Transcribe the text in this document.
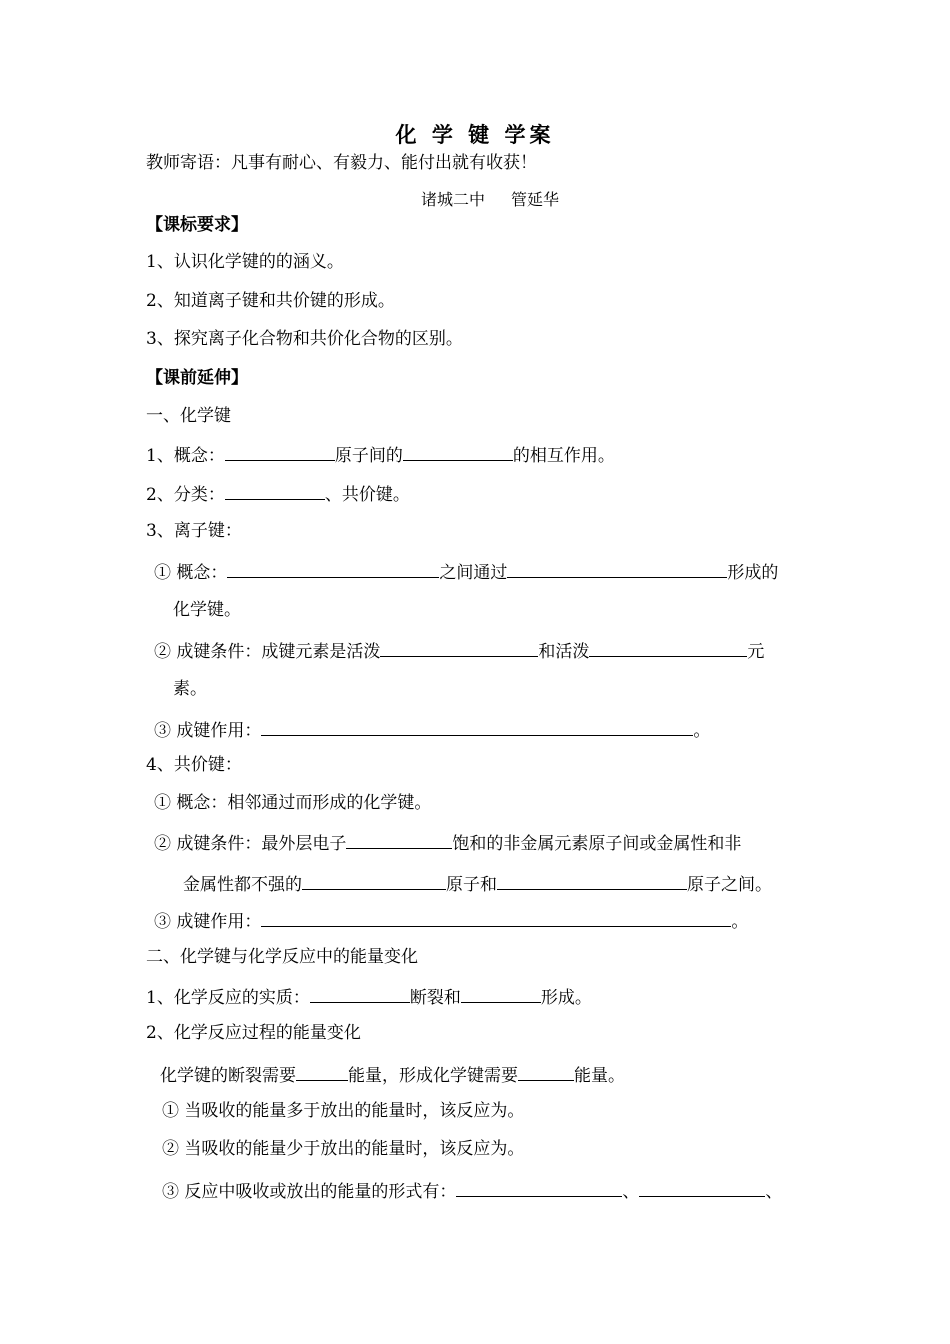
化 学 键 学案
教师寄语：凡事有耐心、有毅力、能付出就有收获！
诸城二中 管延华
【课标要求】
1、认识化学键的的涵义。
2、知道离子键和共价键的形成。
3、探究离子化合物和共价化合物的区别。
【课前延伸】
一、化学键
1、概念：	原子间的	的相互作用。
2、分类：	、共价键。
3、离子键：
① 概念：	之间通过	形成的
化学键。
② 成键条件：成键元素是活泼	和活泼	元
素。
③ 成键作用：	。
4、共价键：
① 概念：相邻通过而形成的化学键。
② 成键条件：最外层电子	饱和的非金属元素原子间或金属性和非
金属性都不强的	原子和	原子之间。
③ 成键作用：	。
二、化学键与化学反应中的能量变化
1、化学反应的实质：	断裂和	形成。
2、化学反应过程的能量变化
化学键的断裂需要	能量，形成化学键需要	能量。
① 当吸收的能量多于放出的能量时，该反应为。
② 当吸收的能量少于放出的能量时，该反应为。
③ 反应中吸收或放出的能量的形式有：	、	、
